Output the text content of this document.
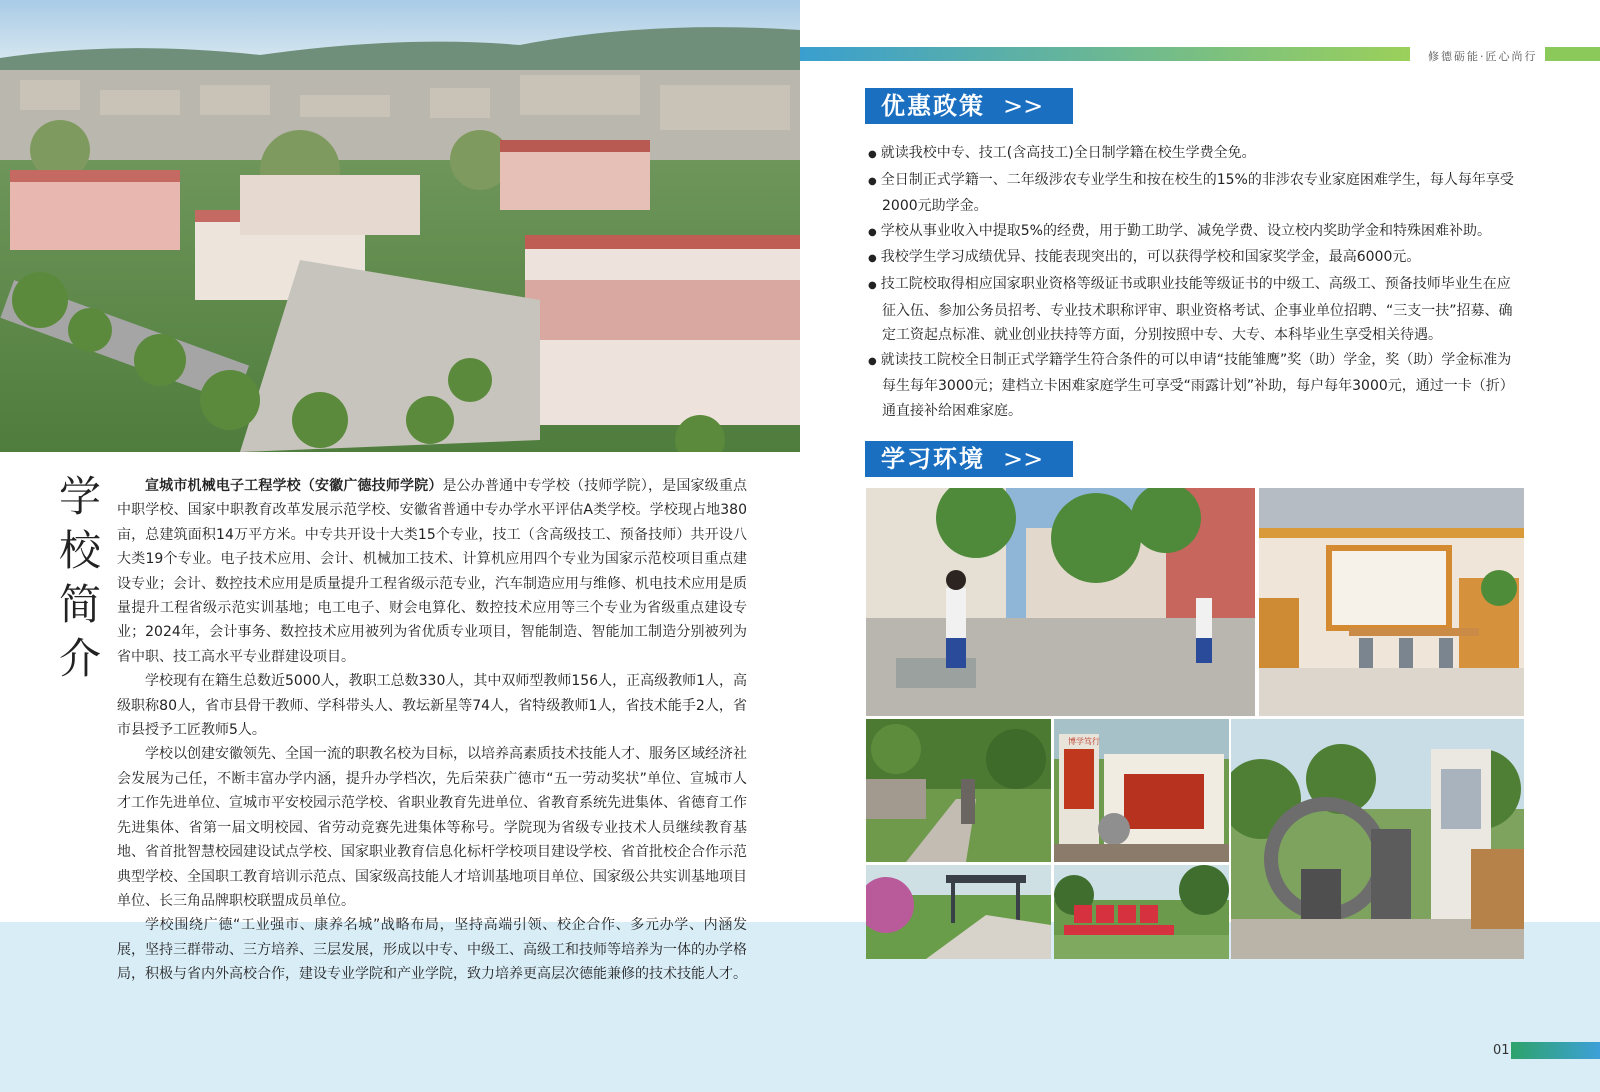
修德砺能·匠心尚行
优惠政策 >>
● 就读我校中专、技工(含高技工)全日制学籍在校生学费全免。
● 全日制正式学籍一、二年级涉农专业学生和按在校生的15%的非涉农专业家庭困难学生，每人每年享受2000元助学金。
● 学校从事业收入中提取5%的经费，用于勤工助学、减免学费、设立校内奖助学金和特殊困难补助。
● 我校学生学习成绩优异、技能表现突出的，可以获得学校和国家奖学金，最高6000元。
● 技工院校取得相应国家职业资格等级证书或职业技能等级证书的中级工、高级工、预备技师毕业生在应征入伍、参加公务员招考、专业技术职称评审、职业资格考试、企事业单位招聘、“三支一扶”招募、确定工资起点标准、就业创业扶持等方面，分别按照中专、大专、本科毕业生享受相关待遇。
● 就读技工院校全日制正式学籍学生符合条件的可以申请“技能雏鹰”奖（助）学金，奖（助）学金标准为每生每年3000元；建档立卡困难家庭学生可享受“雨露计划”补助，每户每年3000元，通过一卡（折）通直接补给困难家庭。
学习环境 >>
博学笃行
学
校
简
介

宣城市机械电子工程学校（安徽广德技师学院）是公办普通中专学校（技师学院），是国家级重点中职学校、国家中职教育改革发展示范学校、安徽省普通中专办学水平评估A类学校。学校现占地380亩，总建筑面积14万平方米。中专共开设十大类15个专业，技工（含高级技工、预备技师）共开设八大类19个专业。电子技术应用、会计、机械加工技术、计算机应用四个专业为国家示范校项目重点建设专业；会计、数控技术应用是质量提升工程省级示范专业，汽车制造应用与维修、机电技术应用是质量提升工程省级示范实训基地；电工电子、财会电算化、数控技术应用等三个专业为省级重点建设专业；2024年，会计事务、数控技术应用被列为省优质专业项目，智能制造、智能加工制造分别被列为省中职、技工高水平专业群建设项目。

学校现有在籍生总数近5000人，教职工总数330人，其中双师型教师156人，正高级教师1人，高级职称80人，省市县骨干教师、学科带头人、教坛新星等74人，省特级教师1人，省技术能手2人，省市县授予工匠教师5人。

学校以创建安徽领先、全国一流的职教名校为目标，以培养高素质技术技能人才、服务区域经济社会发展为己任，不断丰富办学内涵，提升办学档次，先后荣获广德市“五一劳动奖状”单位、宣城市人才工作先进单位、宣城市平安校园示范学校、省职业教育先进单位、省教育系统先进集体、省德育工作先进集体、省第一届文明校园、省劳动竞赛先进集体等称号。学院现为省级专业技术人员继续教育基地、省首批智慧校园建设试点学校、国家职业教育信息化标杆学校项目建设学校、省首批校企合作示范典型学校、全国职工教育培训示范点、国家级高技能人才培训基地项目单位、国家级公共实训基地项目单位、长三角品牌职校联盟成员单位。

学校围绕广德“工业强市、康养名城”战略布局，坚持高端引领、校企合作、多元办学、内涵发展，坚持三群带动、三方培养、三层发展，形成以中专、中级工、高级工和技师等培养为一体的办学格局，积极与省内外高校合作，建设专业学院和产业学院，致力培养更高层次德能兼修的技术技能人才。

01
